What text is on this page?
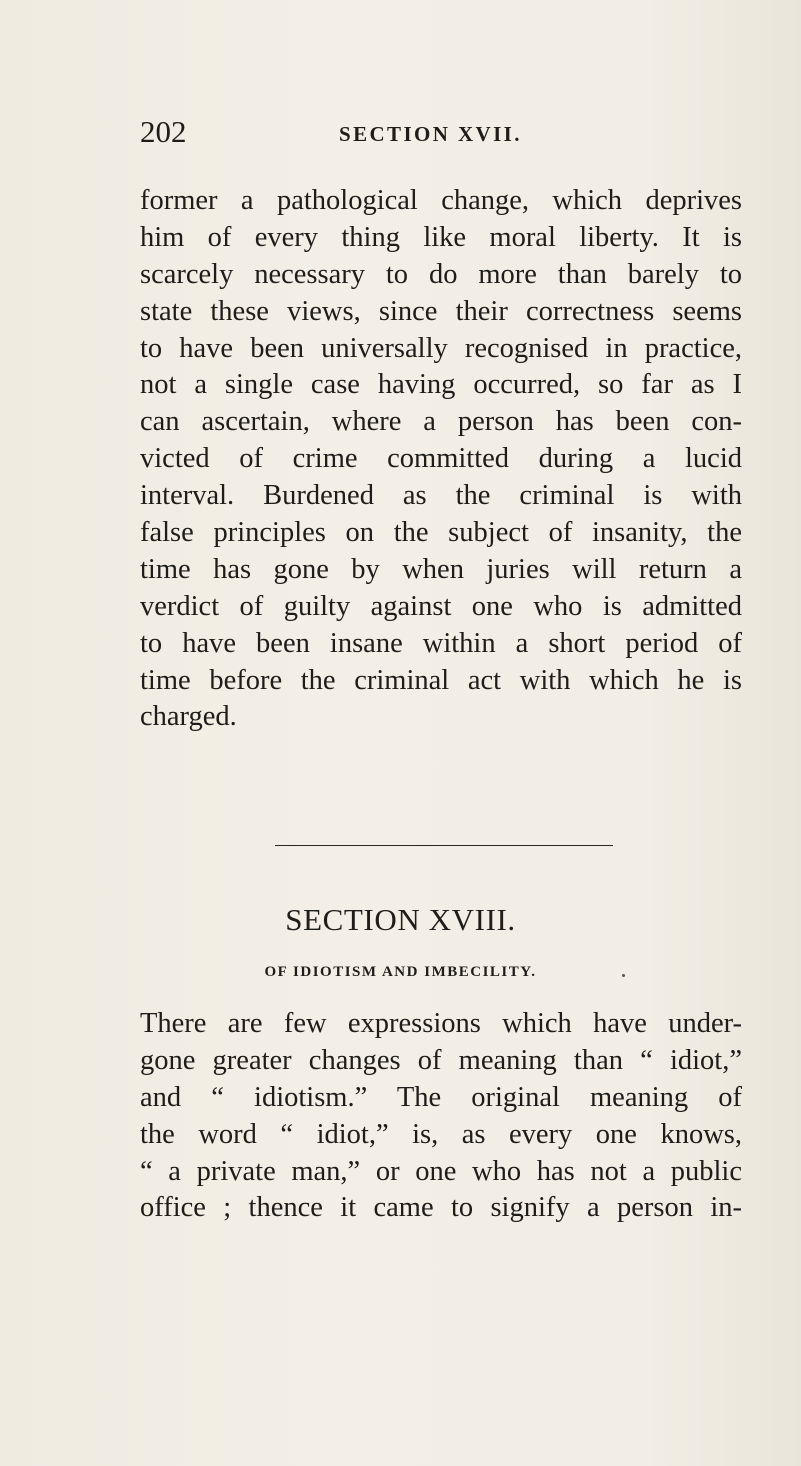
202	SECTION XVII.
former a pathological change, which deprives
him of every thing like moral liberty. It is
scarcely necessary to do more than barely to
state these views, since their correctness seems
to have been universally recognised in practice,
not a single case having occurred, so far as I
can ascertain, where a person has been con-
victed of crime committed during a lucid
interval. Burdened as the criminal is with
false principles on the subject of insanity, the
time has gone by when juries will return a
verdict of guilty against one who is admitted
to have been insane within a short period of
time before the criminal act with which he is
charged.
SECTION XVIII.
OF IDIOTISM AND IMBECILITY.
There are few expressions which have under-
gone greater changes of meaning than “ idiot,”
and “ idiotism.” The original meaning of
the word “ idiot,” is, as every one knows,
“ a private man,” or one who has not a public
office ; thence it came to signify a person in-
